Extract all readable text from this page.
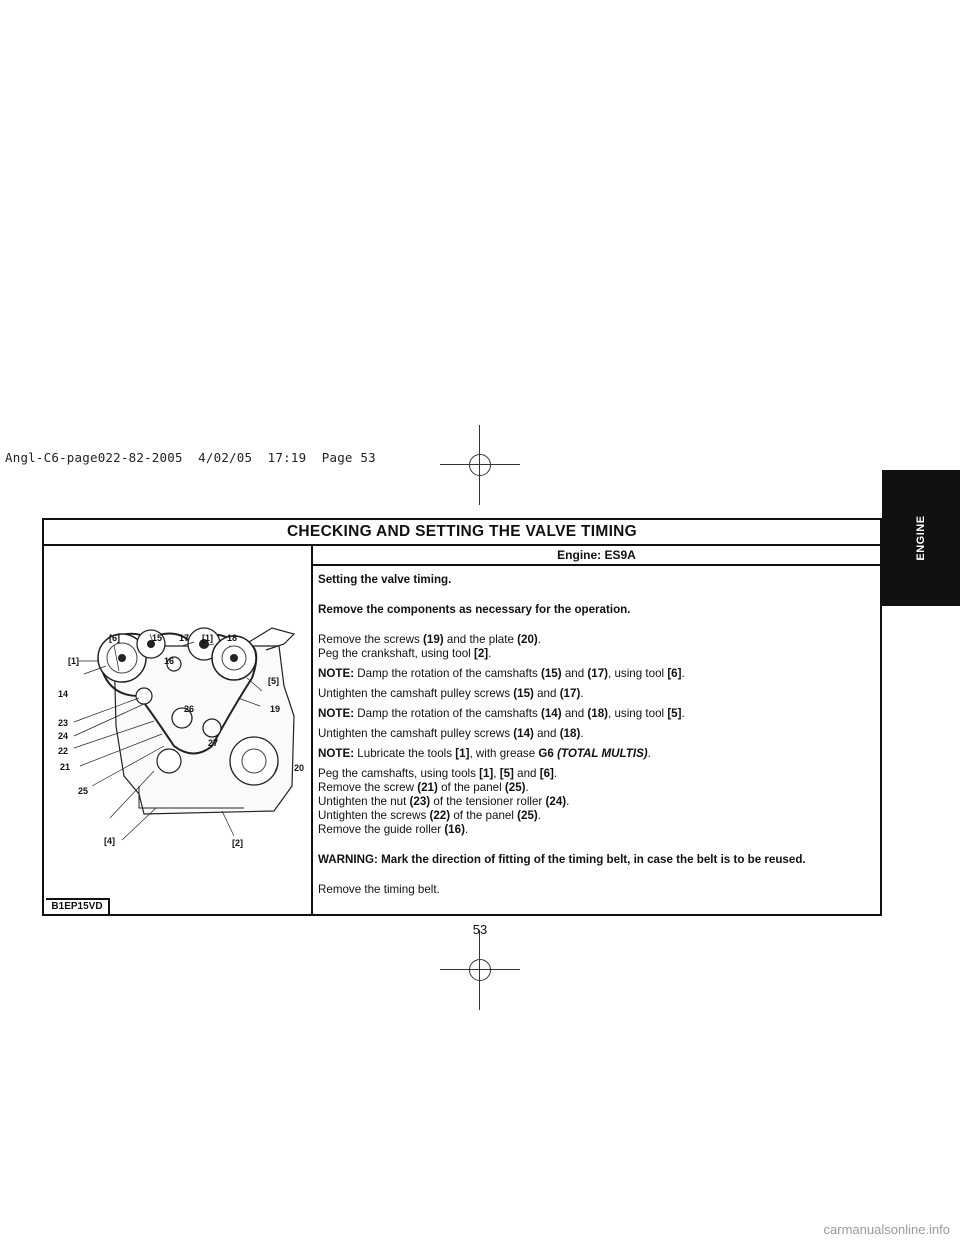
Angl-C6-page022-82-2005  4/02/05  17:19  Page 53
ENGINE
CHECKING AND SETTING THE VALVE TIMING
[6]	15 17 [1] 18
[1]	16
14
[5]
19
23
24
26
22
27
21	20
25
[4]	[2]
B1EP15VD
Engine: ES9A

Setting the valve timing.

Remove the components as necessary for the operation.

Remove the screws (19) and the plate (20).

Peg the crankshaft, using tool [2].

NOTE: Damp the rotation of the camshafts (15) and (17), using tool [6].

Untighten the camshaft pulley screws (15) and (17).

NOTE: Damp the rotation of the camshafts (14) and (18), using tool [5].

Untighten the camshaft pulley screws (14) and (18).

NOTE: Lubricate the tools [1], with grease G6 (TOTAL MULTIS).

Peg the camshafts, using tools [1], [5] and [6].

Remove the screw (21) of the panel (25).

Untighten the nut (23) of the tensioner roller (24).

Untighten the screws (22) of the panel (25).

Remove the guide roller (16).

WARNING: Mark the direction of fitting of the timing belt, in case the belt is to be reused.

Remove the timing belt.

53
carmanualsonline.info
